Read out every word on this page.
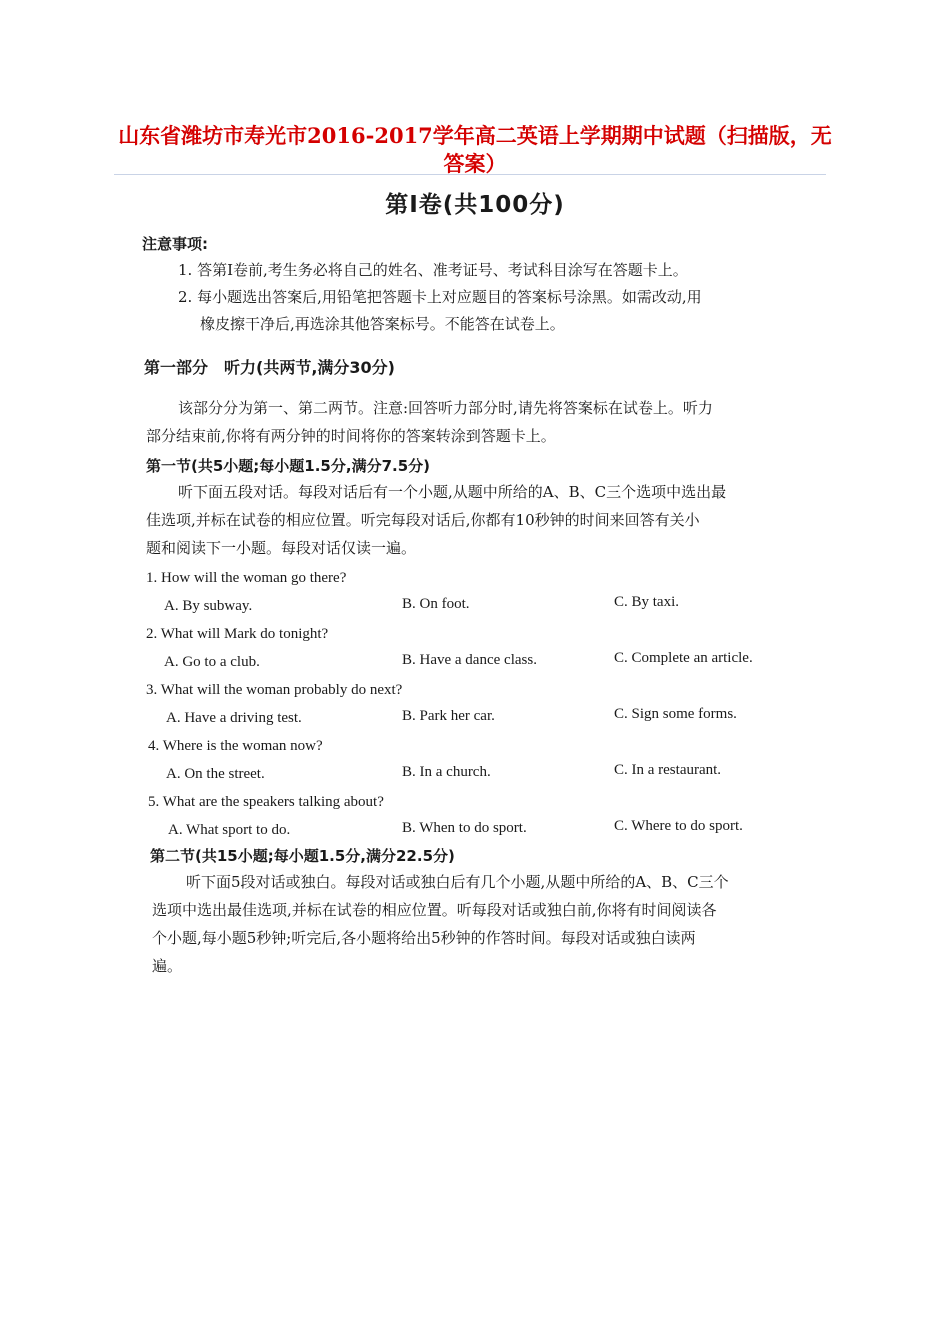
山东省潍坊市寿光市2016-2017学年高二英语上学期期中试题（扫描版，无答案）
第Ⅰ卷(共100分)
注意事项:
1. 答第Ⅰ卷前,考生务必将自己的姓名、准考证号、考试科目涂写在答题卡上。
2. 每小题选出答案后,用铅笔把答题卡上对应题目的答案标号涂黑。如需改动,用
橡皮擦干净后,再选涂其他答案标号。不能答在试卷上。
第一部分　听力(共两节,满分30分)
该部分分为第一、第二两节。注意:回答听力部分时,请先将答案标在试卷上。听力
部分结束前,你将有两分钟的时间将你的答案转涂到答题卡上。
第一节(共5小题;每小题1.5分,满分7.5分)
听下面五段对话。每段对话后有一个小题,从题中所给的A、B、C三个选项中选出最
佳选项,并标在试卷的相应位置。听完每段对话后,你都有10秒钟的时间来回答有关小
题和阅读下一小题。每段对话仅读一遍。
1. How will the woman go there?
A. By subway.	B. On foot.	C. By taxi.
2. What will Mark do tonight?
A. Go to a club.	B. Have a dance class.	C. Complete an article.
3. What will the woman probably do next?
A. Have a driving test.	B. Park her car.	C. Sign some forms.
4. Where is the woman now?
A. On the street.	B. In a church.	C. In a restaurant.
5. What are the speakers talking about?
A. What sport to do.	B. When to do sport.	C. Where to do sport.
第二节(共15小题;每小题1.5分,满分22.5分)
听下面5段对话或独白。每段对话或独白后有几个小题,从题中所给的A、B、C三个
选项中选出最佳选项,并标在试卷的相应位置。听每段对话或独白前,你将有时间阅读各
个小题,每小题5秒钟;听完后,各小题将给出5秒钟的作答时间。每段对话或独白读两
遍。
